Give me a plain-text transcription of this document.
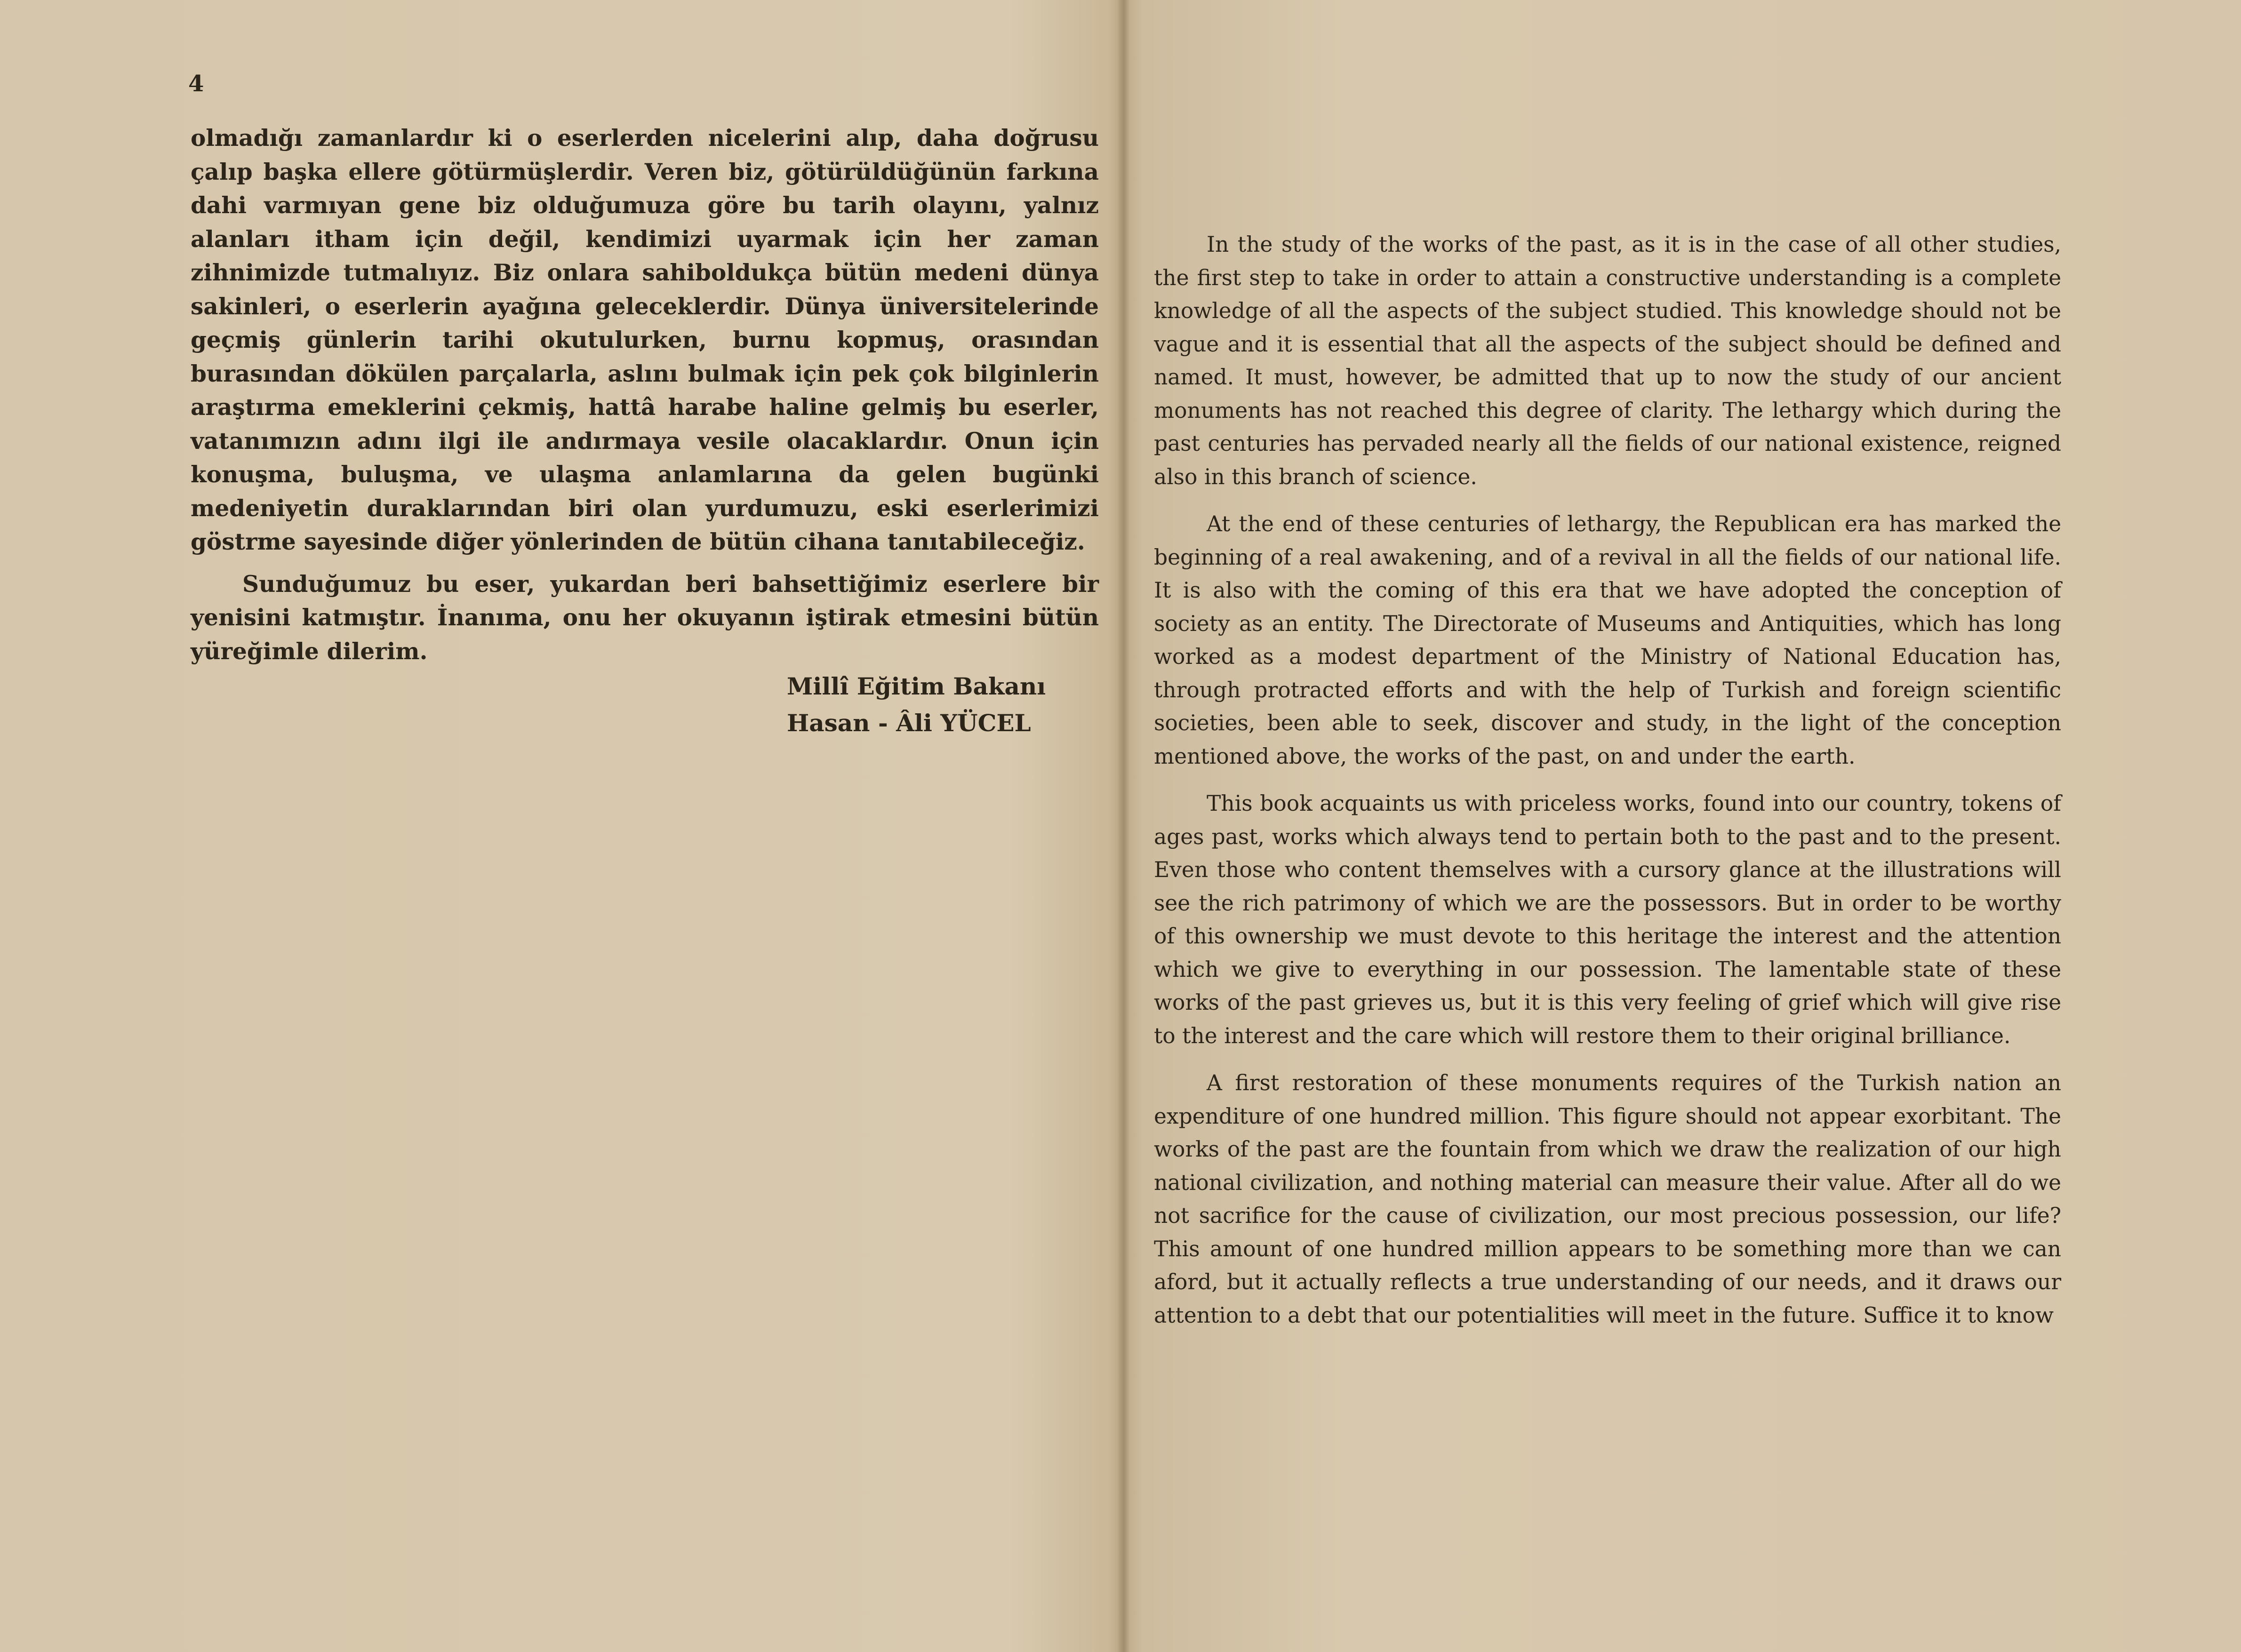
4

olmadığı zamanlardır ki o eserlerden nicelerini alıp, daha doğrusu çalıp başka ellere götürmüşlerdir. Veren biz, götürüldüğünün farkına dahi varmıyan gene biz olduğumuza göre bu tarih olayını, yalnız alanları itham için değil, kendimizi uyarmak için her zaman zihnimizde tutmalıyız. Biz onlara sahiboldukça bütün medeni dünya sakinleri, o eserlerin ayağına geleceklerdir. Dünya üniversitelerinde geçmiş günlerin tarihi okutulurken, burnu kopmuş, orasından burasından dökülen parçalarla, aslını bulmak için pek çok bilginlerin araştırma emeklerini çekmiş, hattâ harabe haline gelmiş bu eserler, vatanımızın adını ilgi ile andırmaya vesile olacaklardır. Onun için konuşma, buluşma, ve ulaşma anlamlarına da gelen bugünki medeniyetin duraklarından biri olan yurdumuzu, eski eserlerimizi göstrme sayesinde diğer yönlerinden de bütün cihana tanıtabileceğiz.

Sunduğumuz bu eser, yukardan beri bahsettiğimiz eserlere bir yenisini katmıştır. İnanıma, onu her okuyanın iştirak etmesini bütün yüreğimle dilerim.

Millî Eğitim Bakanı
Hasan - Âli YÜCEL

In the study of the works of the past, as it is in the case of all other studies, the first step to take in order to attain a constructive understanding is a complete knowledge of all the aspects of the subject studied. This knowledge should not be vague and it is essential that all the aspects of the subject should be defined and named. It must, however, be admitted that up to now the study of our ancient monuments has not reached this degree of clarity. The lethargy which during the past centuries has pervaded nearly all the fields of our national existence, reigned also in this branch of science.

At the end of these centuries of lethargy, the Republican era has marked the beginning of a real awakening, and of a revival in all the fields of our national life. It is also with the coming of this era that we have adopted the conception of society as an entity. The Directorate of Museums and Antiquities, which has long worked as a modest department of the Ministry of National Education has, through protracted efforts and with the help of Turkish and foreign scientific societies, been able to seek, discover and study, in the light of the conception mentioned above, the works of the past, on and under the earth.

This book acquaints us with priceless works, found into our country, tokens of ages past, works which always tend to pertain both to the past and to the present. Even those who content themselves with a cursory glance at the illustrations will see the rich patrimony of which we are the possessors. But in order to be worthy of this ownership we must devote to this heritage the interest and the attention which we give to everything in our possession. The lamentable state of these works of the past grieves us, but it is this very feeling of grief which will give rise to the interest and the care which will restore them to their original brilliance.

A first restoration of these monuments requires of the Turkish nation an expenditure of one hundred million. This figure should not appear exorbitant. The works of the past are the fountain from which we draw the realization of our high national civilization, and nothing material can measure their value. After all do we not sacrifice for the cause of civilization, our most precious possession, our life? This amount of one hundred million appears to be something more than we can aford, but it actually reflects a true understanding of our needs, and it draws our attention to a debt that our potentialities will meet in the future. Suffice it to know
